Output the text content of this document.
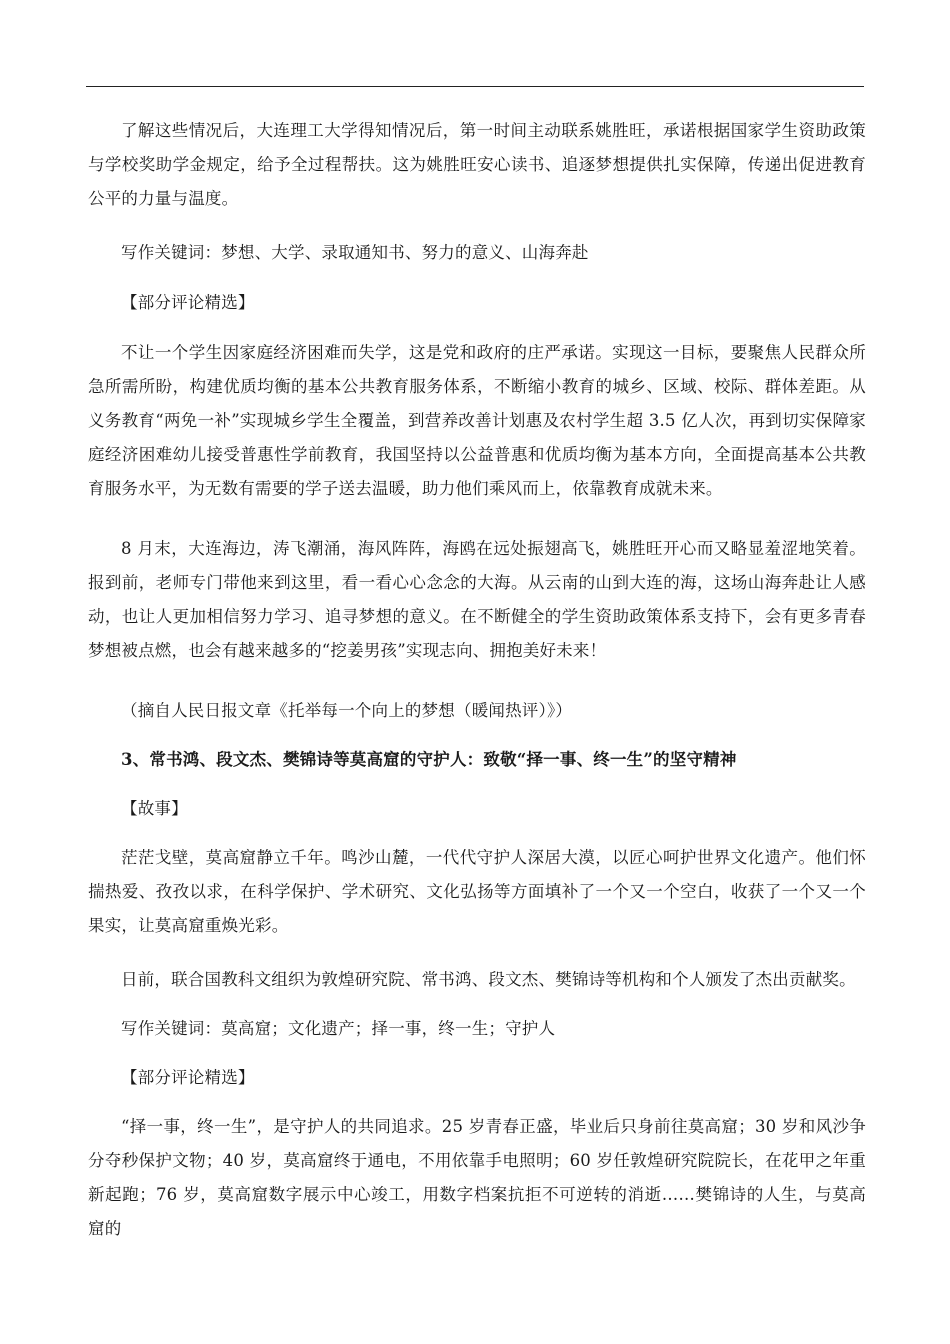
了解这些情况后，大连理工大学得知情况后，第一时间主动联系姚胜旺，承诺根据国家学生资助政策与学校奖助学金规定，给予全过程帮扶。这为姚胜旺安心读书、追逐梦想提供扎实保障，传递出促进教育公平的力量与温度。

写作关键词：梦想、大学、录取通知书、努力的意义、山海奔赴

【部分评论精选】

不让一个学生因家庭经济困难而失学，这是党和政府的庄严承诺。实现这一目标，要聚焦人民群众所急所需所盼，构建优质均衡的基本公共教育服务体系，不断缩小教育的城乡、区域、校际、群体差距。从义务教育“两免一补”实现城乡学生全覆盖，到营养改善计划惠及农村学生超 3.5 亿人次，再到切实保障家庭经济困难幼儿接受普惠性学前教育，我国坚持以公益普惠和优质均衡为基本方向，全面提高基本公共教育服务水平，为无数有需要的学子送去温暖，助力他们乘风而上，依靠教育成就未来。

8 月末，大连海边，涛飞潮涌，海风阵阵，海鸥在远处振翅高飞，姚胜旺开心而又略显羞涩地笑着。报到前，老师专门带他来到这里，看一看心心念念的大海。从云南的山到大连的海，这场山海奔赴让人感动，也让人更加相信努力学习、追寻梦想的意义。在不断健全的学生资助政策体系支持下，会有更多青春梦想被点燃，也会有越来越多的“挖姜男孩”实现志向、拥抱美好未来！

（摘自人民日报文章《托举每一个向上的梦想（暖闻热评）》）

3、常书鸿、段文杰、樊锦诗等莫高窟的守护人：致敬“择一事、终一生”的坚守精神

【故事】

茫茫戈壁，莫高窟静立千年。鸣沙山麓，一代代守护人深居大漠，以匠心呵护世界文化遗产。他们怀揣热爱、孜孜以求，在科学保护、学术研究、文化弘扬等方面填补了一个又一个空白，收获了一个又一个果实，让莫高窟重焕光彩。

日前，联合国教科文组织为敦煌研究院、常书鸿、段文杰、樊锦诗等机构和个人颁发了杰出贡献奖。

写作关键词：莫高窟；文化遗产；择一事，终一生；守护人

【部分评论精选】

“择一事，终一生”，是守护人的共同追求。25 岁青春正盛，毕业后只身前往莫高窟；30 岁和风沙争分夺秒保护文物；40 岁，莫高窟终于通电，不用依靠手电照明；60 岁任敦煌研究院院长，在花甲之年重新起跑；76 岁，莫高窟数字展示中心竣工，用数字档案抗拒不可逆转的消逝……樊锦诗的人生，与莫高窟的
